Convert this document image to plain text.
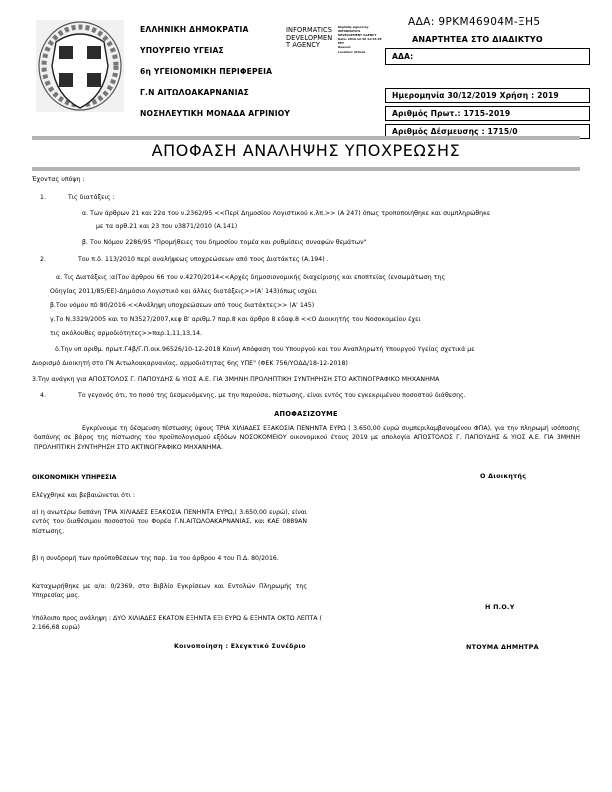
ΕΛΛΗΝΙΚΗ ΔΗΜΟΚΡΑΤΙΑ
ΥΠΟΥΡΓΕΙΟ ΥΓΕΙΑΣ
6η ΥΓΕΙΟΝΟΜΙΚΗ ΠΕΡΙΦΕΡΕΙΑ
Γ.Ν ΑΙΤΩΛΟΑΚΑΡΝΑΝΙΑΣ
ΝΟΣΗΛΕΥΤΙΚΗ ΜΟΝΑΔΑ ΑΓΡΙΝΙΟΥ
INFORMATICS
DEVELOPMEN
T AGENCY
Digitally signed by
INFORMATICS
DEVELOPMENT AGENCY
Date: 2019.12.30 11:23:38
EET
Reason:
Location: Athens
ΑΔΑ: 9ΡΚΜ46904Μ-ΞΗ5
ΑΝΑΡΤΗΤΕΑ ΣΤΟ ΔΙΑΔΙΚΤΥΟ
ΑΔΑ:
Ημερομηνία 30/12/2019 Χρήση : 2019
Αριθμός Πρωτ.: 1715-2019
Αριθμός Δέσμευσης : 1715/0
ΑΠΟΦΑΣΗ ΑΝΑΛΗΨΗΣ ΥΠΟΧΡΕΩΣΗΣ
Έχοντας υπόψη :
1.	Τις διατάξεις :
α. Των άρθρων 21 και 22α του ν.2362/95 <<Περί Δημοσίου Λογιστικού κ.λπ.>> (Α 247) όπως τροποποιήθηκε και συμπληρώθηκε
με τα αρθ.21 και 23 του ν3871/2010 (Α.141)
β. Του Νόμου 2286/95 "Προμήθειες του δημοσίου τομέα και ρυθμίσεις συναφών θεμάτων"
2.	Του π.δ. 113/2010 περί αναλήψεως υποχρεώσεων από τους Διατάκτες (Α.194) .
α. Τις Διατάξεις :α)Του άρθρου 66 του ν.4270/2014<<Αρχές δημοσιονομικής διαχείρισης και εποπτείας (ενσωμάτωση της
Οδηγίας 2011/85/ΕΕ)-Δημόσιο Λογιστικό και άλλες διατάξεις>>(Α' 143)όπως ισχύει
β.Του νόμου πδ 80/2016 <<Ανάληψη υποχρεώσεων από τους διατάκτες>> (Α' 145)
γ.Το Ν.3329/2005 και το Ν3527/2007,κεφ Β' αριθμ.7 παρ.8 και άρθρο 8 εδαφ.8 <<Ο Διοικητής του Νοσοκομείου έχει
τις ακόλουθες αρμοδιότητες>>παρ.1,11,13,14.
δ.Την υπ αριθμ. πρωτ.Γ4β/Γ.Π.οικ.96526/10-12-2018 Κοινή Απόφαση του Υπουργού και του Αναπληρωτή Υπουργού Υγείας σχετικά με
Διορισμό Διοικητή στο ΓΝ Αιτωλοακαρνανίας, αρμοδιότητας 6ης ΥΠΕ" (ΦΕΚ 756/ΥΟΔΔ/18-12-2018)
3.Την ανάγκη για ΑΠΟΣΤΟΛΟΣ Γ. ΠΑΠΟΥΔΗΣ & ΥΙΟΣ Α.Ε. ΓΙΑ 3ΜΗΝΗ ΠΡΟΛΗΠΤΙΚΗ ΣΥΝΤΗΡΗΣΗ ΣΤΟ ΑΚΤΙΝΟΓΡΑΦΙΚΟ ΜΗΧΑΝΗΜΑ
4.	Το γεγονός ότι, το ποσό της δεσμευόμενης, με την παρούσα, πίστωσης, είναι εντός του εγκεκριμένου ποσοστού διάθεσης.
ΑΠΟΦΑΣΙΖΟΥΜΕ
Εγκρίνουμε τη δέσμευση πίστωσης ύψους ΤΡΙΑ ΧΙΛΙΑΔΕΣ ΕΞΑΚΟΣΙΑ ΠΕΝΗΝΤΑ ΕΥΡΩ ( 3.650,00 ευρώ συμπεριλαμβανομένου ΦΠΑ), για την πληρωμή ισόποσης δαπάνης σε βάρος της πίστωσης του προϋπολογισμού εξόδων ΝΟΣΟΚΟΜΕΙΟΥ οικονομικού έτους 2019 με απολογία ΑΠΟΣΤΟΛΟΣ Γ. ΠΑΠΟΥΔΗΣ & ΥΙΟΣ Α.Ε. ΓΙΑ 3ΜΗΝΗ ΠΡΟΛΗΠΤΙΚΗ ΣΥΝΤΗΡΗΣΗ ΣΤΟ ΑΚΤΙΝΟΓΡΑΦΙΚΟ ΜΗΧΑΝΗΜΑ.
ΟΙΚΟΝΟΜΙΚΗ ΥΠΗΡΕΣΙΑ
Ελέγχθηκε και βεβαιώνεται ότι :
α) η ανωτέρω δαπάνη ΤΡΙΑ ΧΙΛΙΑΔΕΣ ΕΞΑΚΟΣΙΑ ΠΕΝΗΝΤΑ ΕΥΡΩ,( 3.650,00 ευρώ), είναι εντός του διαθέσιμου ποσοστού του Φορέα Γ.Ν.ΑΙΤΩΛΟΑΚΑΡΝΑΝΙΑΣ, και ΚΑΕ 0889ΑΝ πίστωσης,
β) η συνδρομή των προϋποθέσεων της παρ. 1α του άρθρου 4 του Π.Δ. 80/2016.
Καταχωρήθηκε με α/α: 0/2369, στο Βιβλίο Εγκρίσεων και Εντολών Πληρωμής της Υπηρεσίας μας.
Υπόλοιπο προς ανάληψη : ΔΥΟ ΧΙΛΙΑΔΕΣ ΕΚΑΤΟΝ ΕΞΗΝΤΑ ΕΞΙ ΕΥΡΩ & ΕΞΗΝΤΑ ΟΚΤΩ ΛΕΠΤΑ ( 2.166,68 ευρώ)
Ο Διοικητής
Η Π.Ο.Υ
ΝΤΟΥΜΑ ΔΗΜΗΤΡΑ
Κοινοποίηση : Ελεγκτικό Συνέδριο
